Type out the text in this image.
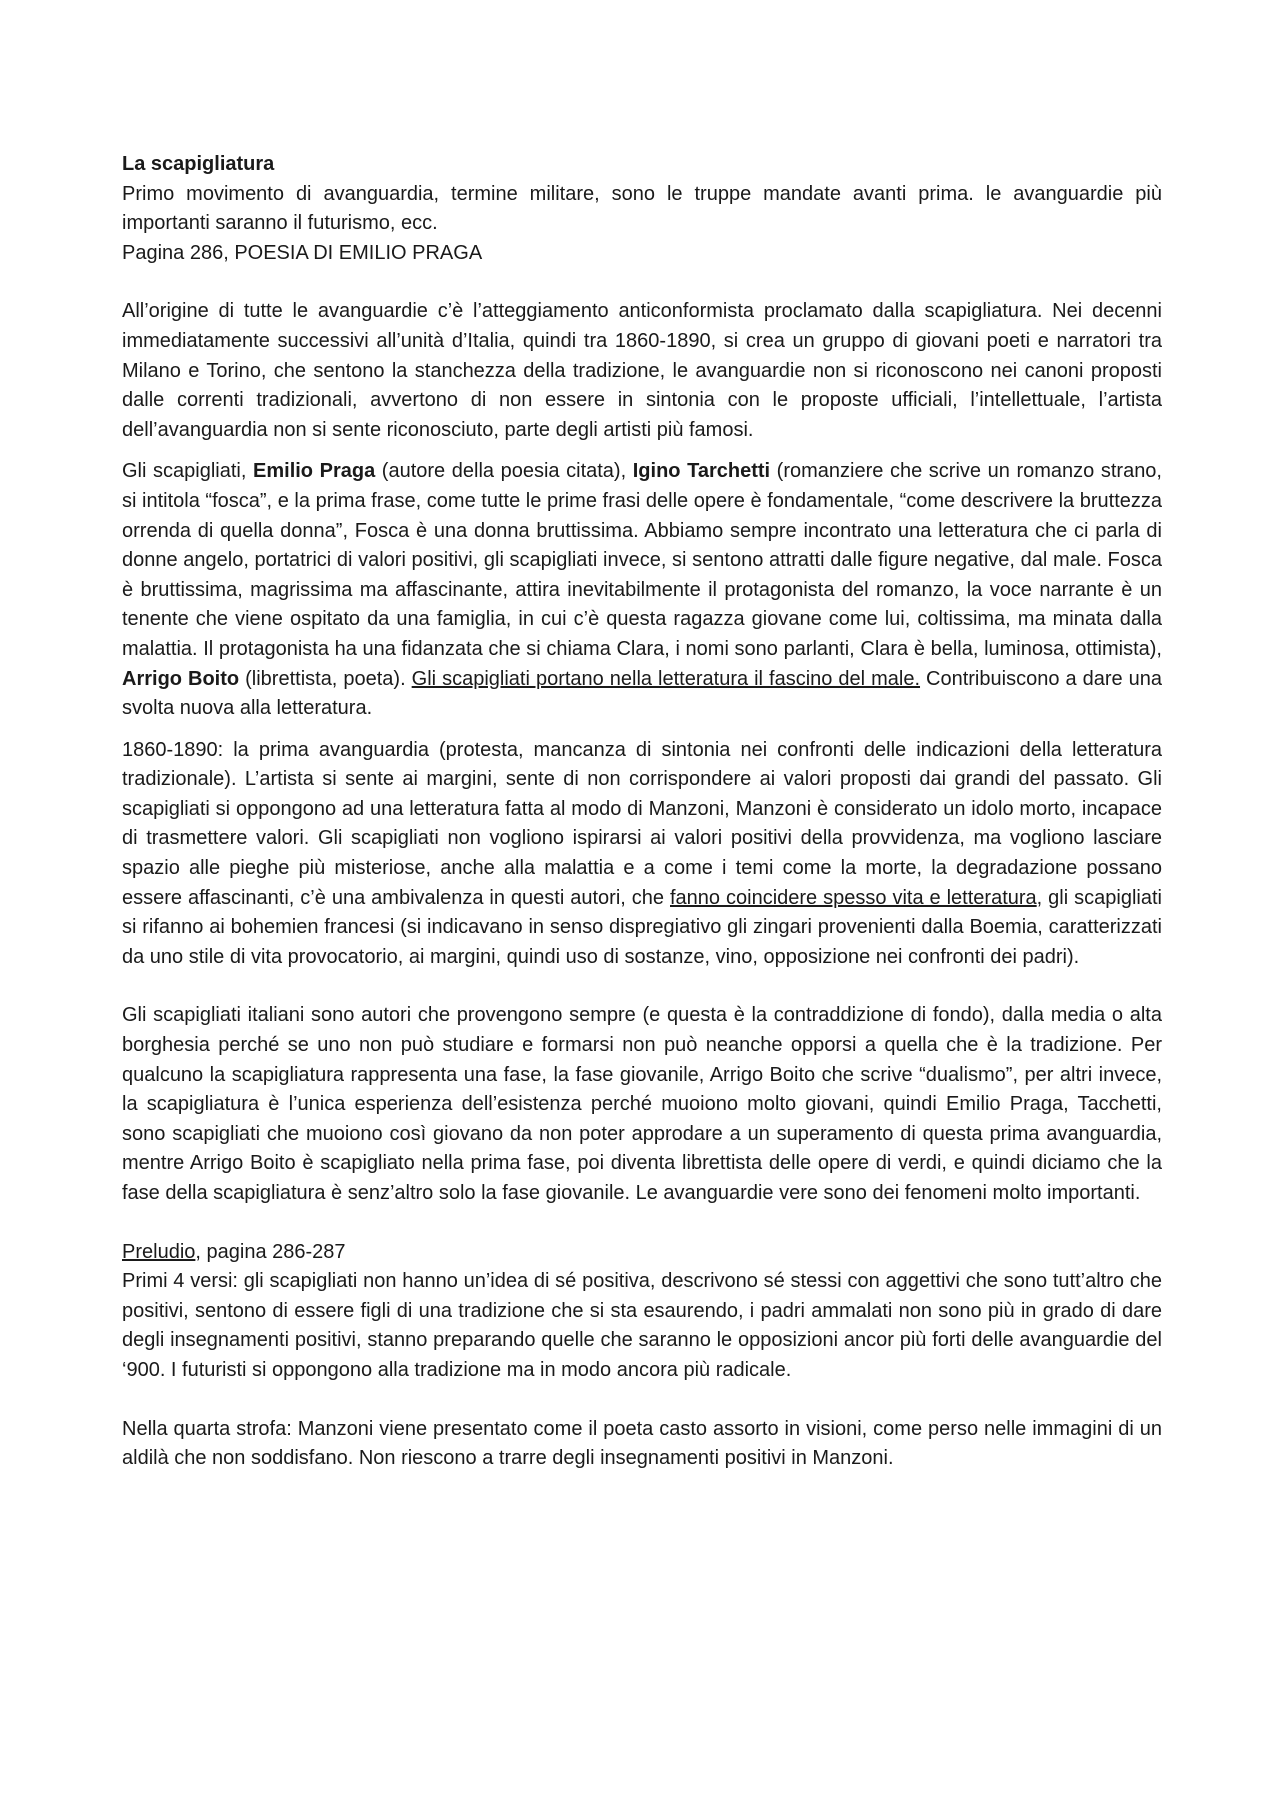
La scapigliatura

Primo movimento di avanguardia, termine militare, sono le truppe mandate avanti prima. le avanguardie più importanti saranno il futurismo, ecc.

Pagina 286, POESIA DI EMILIO PRAGA

All’origine di tutte le avanguardie c’è l’atteggiamento anticonformista proclamato dalla scapigliatura. Nei decenni immediatamente successivi all’unità d’Italia, quindi tra 1860-1890, si crea un gruppo di giovani poeti e narratori tra Milano e Torino, che sentono la stanchezza della tradizione, le avanguardie non si riconoscono nei canoni proposti dalle correnti tradizionali, avvertono di non essere in sintonia con le proposte ufficiali, l’intellettuale, l’artista dell’avanguardia non si sente riconosciuto, parte degli artisti più famosi.

Gli scapigliati, Emilio Praga (autore della poesia citata), Igino Tarchetti (romanziere che scrive un romanzo strano, si intitola “fosca”, e la prima frase, come tutte le prime frasi delle opere è fondamentale, “come descrivere la bruttezza orrenda di quella donna”, Fosca è una donna bruttissima. Abbiamo sempre incontrato una letteratura che ci parla di donne angelo, portatrici di valori positivi, gli scapigliati invece, si sentono attratti dalle figure negative, dal male. Fosca è bruttissima, magrissima ma affascinante, attira inevitabilmente il protagonista del romanzo, la voce narrante è un tenente che viene ospitato da una famiglia, in cui c’è questa ragazza giovane come lui, coltissima, ma minata dalla malattia. Il protagonista ha una fidanzata che si chiama Clara, i nomi sono parlanti, Clara è bella, luminosa, ottimista), Arrigo Boito (librettista, poeta). Gli scapigliati portano nella letteratura il fascino del male. Contribuiscono a dare una svolta nuova alla letteratura.

1860-1890: la prima avanguardia (protesta, mancanza di sintonia nei confronti delle indicazioni della letteratura tradizionale). L’artista si sente ai margini, sente di non corrispondere ai valori proposti dai grandi del passato. Gli scapigliati si oppongono ad una letteratura fatta al modo di Manzoni, Manzoni è considerato un idolo morto, incapace di trasmettere valori. Gli scapigliati non vogliono ispirarsi ai valori positivi della provvidenza, ma vogliono lasciare spazio alle pieghe più misteriose, anche alla malattia e a come i temi come la morte, la degradazione possano essere affascinanti, c’è una ambivalenza in questi autori, che fanno coincidere spesso vita e letteratura, gli scapigliati si rifanno ai bohemien francesi (si indicavano in senso dispregiativo gli zingari provenienti dalla Boemia, caratterizzati da uno stile di vita provocatorio, ai margini, quindi uso di sostanze, vino, opposizione nei confronti dei padri).

Gli scapigliati italiani sono autori che provengono sempre (e questa è la contraddizione di fondo), dalla media o alta borghesia perché se uno non può studiare e formarsi non può neanche opporsi a quella che è la tradizione. Per qualcuno la scapigliatura rappresenta una fase, la fase giovanile, Arrigo Boito che scrive “dualismo”, per altri invece, la scapigliatura è l’unica esperienza dell’esistenza perché muoiono molto giovani, quindi Emilio Praga, Tacchetti, sono scapigliati che muoiono così giovano da non poter approdare a un superamento di questa prima avanguardia, mentre Arrigo Boito è scapigliato nella prima fase, poi diventa librettista delle opere di verdi, e quindi diciamo che la fase della scapigliatura è senz’altro solo la fase giovanile. Le avanguardie vere sono dei fenomeni molto importanti.

Preludio, pagina 286-287

Primi 4 versi: gli scapigliati non hanno un’idea di sé positiva, descrivono sé stessi con aggettivi che sono tutt’altro che positivi, sentono di essere figli di una tradizione che si sta esaurendo, i padri ammalati non sono più in grado di dare degli insegnamenti positivi, stanno preparando quelle che saranno le opposizioni ancor più forti delle avanguardie del ‘900. I futuristi si oppongono alla tradizione ma in modo ancora più radicale.

Nella quarta strofa: Manzoni viene presentato come il poeta casto assorto in visioni, come perso nelle immagini di un aldilà che non soddisfano. Non riescono a trarre degli insegnamenti positivi in Manzoni.
